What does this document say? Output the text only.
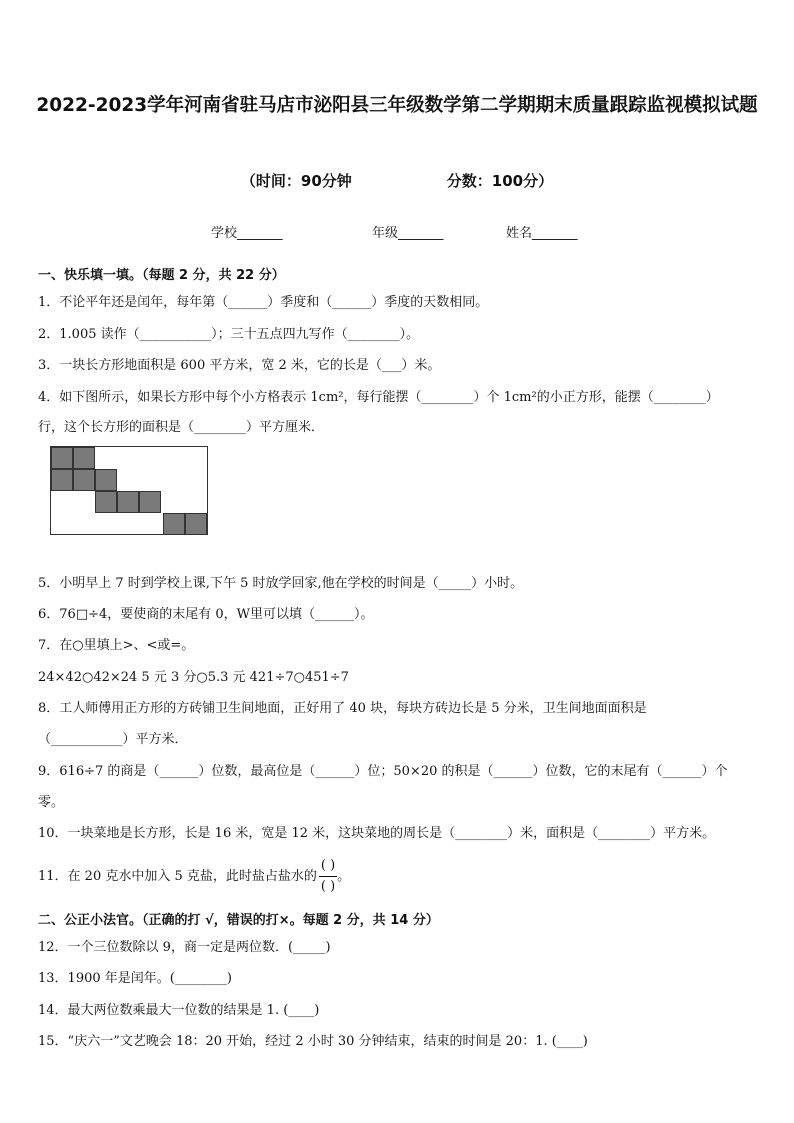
2022-2023学年河南省驻马店市泌阳县三年级数学第二学期期末质量跟踪监视模拟试题
（时间：90分钟	分数：100分）
学校_______	年级_______	姓名_______
一、快乐填一填。（每题 2 分，共 22 分）
1．不论平年还是闰年，每年第（______）季度和（______）季度的天数相同。
2．1.005 读作（___________）；三十五点四九写作（________）。
3．一块长方形地面积是 600 平方米，宽 2 米，它的长是（___）米。
4．如下图所示，如果长方形中每个小方格表示 1cm²，每行能摆（________）个 1cm²的小正方形，能摆（________）
行，这个长方形的面积是（________）平方厘米．
5．小明早上 7 时到学校上课,下午 5 时放学回家,他在学校的时间是（_____）小时。
6．76□÷4，要使商的末尾有 0，W里可以填（______）。
7．在○里填上>、<或=。
24×42○42×24 5 元 3 分○5.3 元 421÷7○451÷7
8．工人师傅用正方形的方砖铺卫生间地面，正好用了 40 块，每块方砖边长是 5 分米，卫生间地面面积是
（___________）平方米．
9．616÷7 的商是（______）位数，最高位是（______）位；50×20 的积是（______）位数，它的末尾有（______）个
零。
10．一块菜地是长方形，长是 16 米，宽是 12 米，这块菜地的周长是（________）米，面积是（________）平方米。
11．在 20 克水中加入 5 克盐，此时盐占盐水的 $\frac{( )}{( )}$ 。
二、公正小法官。（正确的打 √，错误的打×。每题 2 分，共 14 分）
12．一个三位数除以 9，商一定是两位数．(_____)
13．1900 年是闰年。(________)
14．最大两位数乘最大一位数的结果是 1. (____)
15．“庆六一”文艺晚会 18：20 开始，经过 2 小时 30 分钟结束，结束的时间是 20：1. (____)
